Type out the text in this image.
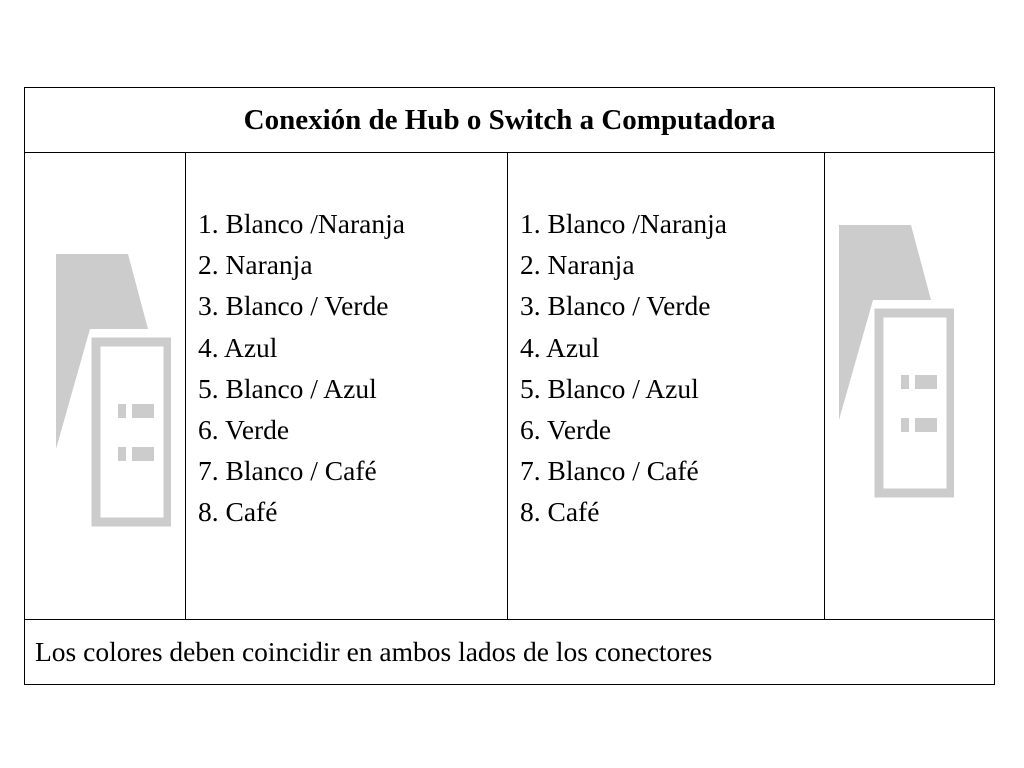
Conexión de Hub o Switch a Computadora

1. Blanco /Naranja
2. Naranja
3. Blanco / Verde
4. Azul
5. Blanco / Azul
6. Verde
7. Blanco / Café
8. Café

1. Blanco /Naranja
2. Naranja
3. Blanco / Verde
4. Azul
5. Blanco / Azul
6. Verde
7. Blanco / Café
8. Café

Los colores deben coincidir en ambos lados de los conectores
